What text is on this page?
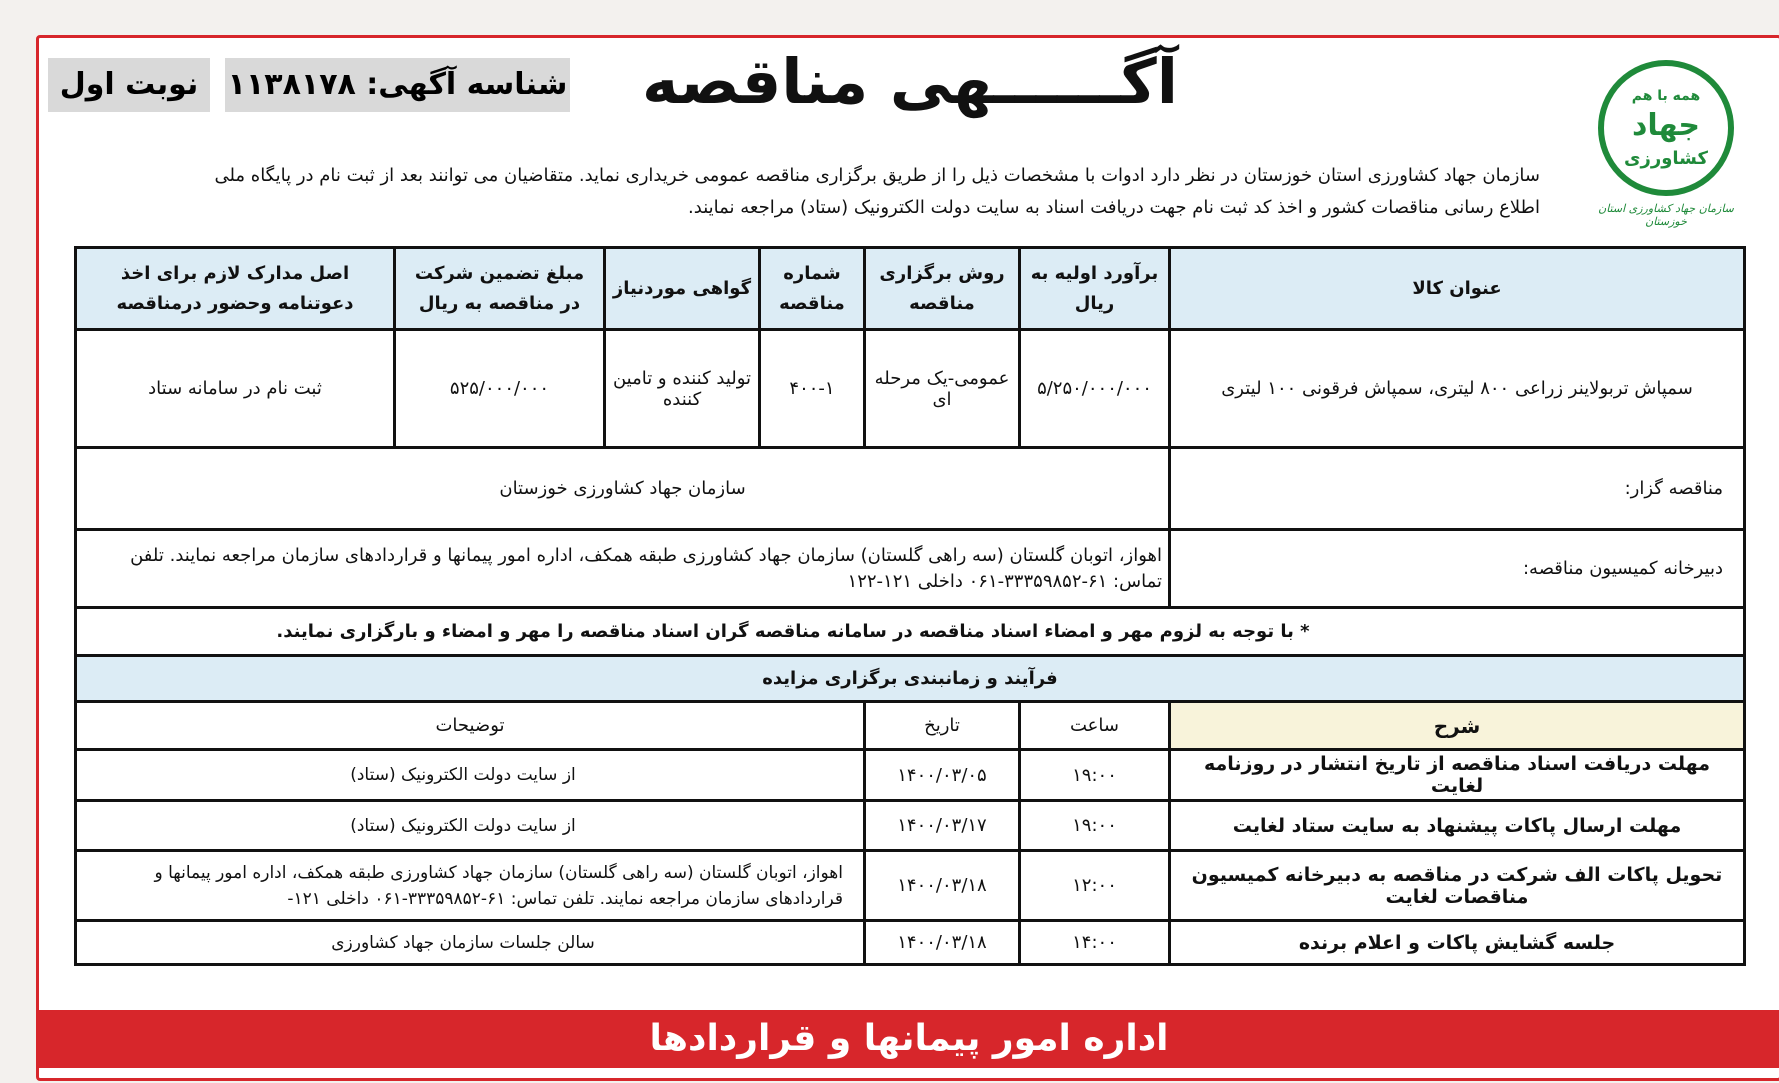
همه با هم
جهاد
کشاورزی
سازمان جهاد کشاورزی استان خوزستان
آگــــــهی مناقصه
شناسه آگهی: ۱۱۳۸۱۷۸
نوبت اول
سازمان جهاد کشاورزی استان خوزستان در نظر دارد ادوات با مشخصات ذیل را از طریق برگزاری مناقصه عمومی خریداری نماید. متقاضیان می توانند بعد از ثبت نام در پایگاه ملی
اطلاع رسانی مناقصات کشور و اخذ کد ثبت نام جهت دریافت اسناد به سایت دولت الکترونیک (ستاد) مراجعه نمایند.
عنوان کالا	برآورد اولیه به ریال	روش برگزاری مناقصه	شماره مناقصه	گواهی موردنیاز	مبلغ تضمین شرکت در مناقصه به ریال	اصل مدارک لازم برای اخذ دعوتنامه وحضور درمناقصه
سمپاش تربولاینر زراعی ۸۰۰ لیتری، سمپاش فرقونی ۱۰۰ لیتری	۵/۲۵۰/۰۰۰/۰۰۰	عمومی-یک مرحله ای	۴۰۰-۱	تولید کننده و تامین کننده	۵۲۵/۰۰۰/۰۰۰	ثبت نام در سامانه ستاد
مناقصه گزار:	سازمان جهاد کشاورزی خوزستان					
دبیرخانه کمیسیون مناقصه:	اهواز، اتوبان گلستان (سه راهی گلستان) سازمان جهاد کشاورزی طبقه همکف، اداره امور پیمانها و قراردادهای سازمان مراجعه نمایند. تلفن تماس: ۶۱-۳۳۳۵۹۸۵۲-۰۶۱ داخلی ۱۲۱-۱۲۲					
* با توجه به لزوم مهر و امضاء اسناد مناقصه در سامانه مناقصه گران اسناد مناقصه را مهر و امضاء و بارگزاری نمایند.						
فرآیند و زمانبندی برگزاری مزایده						
شرح	ساعت	تاریخ	توضیحات			
مهلت دریافت اسناد مناقصه از تاریخ انتشار در روزنامه لغایت	۱۹:۰۰	۱۴۰۰/۰۳/۰۵	از سایت دولت الکترونیک (ستاد)			
مهلت ارسال پاکات پیشنهاد به سایت ستاد لغایت	۱۹:۰۰	۱۴۰۰/۰۳/۱۷	از سایت دولت الکترونیک (ستاد)			
تحویل پاکات الف شرکت در مناقصه به دبیرخانه کمیسیون مناقصات لغایت	۱۲:۰۰	۱۴۰۰/۰۳/۱۸	اهواز، اتوبان گلستان (سه راهی گلستان) سازمان جهاد کشاورزی طبقه همکف، اداره امور پیمانها و قراردادهای سازمان مراجعه نمایند. تلفن تماس: ۶۱-۳۳۳۵۹۸۵۲-۰۶۱ داخلی ۱۲۱-			
جلسه گشایش پاکات و اعلام برنده	۱۴:۰۰	۱۴۰۰/۰۳/۱۸	سالن جلسات سازمان جهاد کشاورزی			
اداره امور پیمانها و قراردادها
